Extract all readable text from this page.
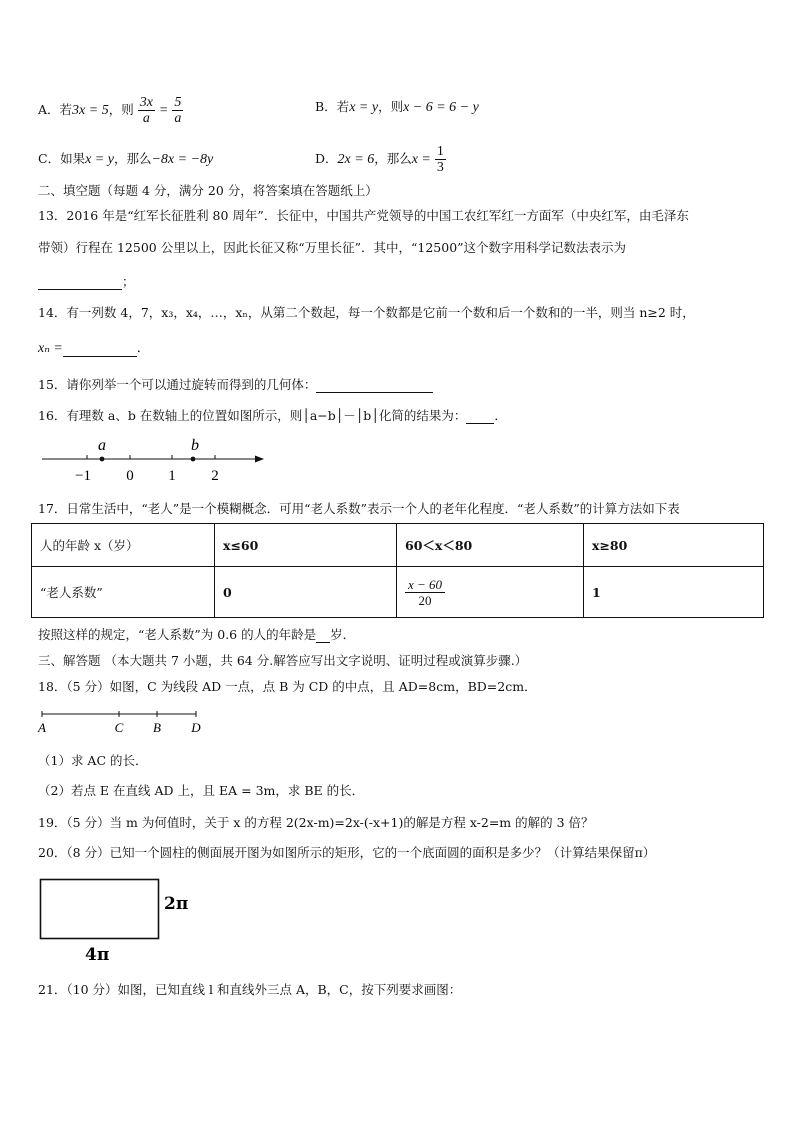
A．若3x = 5，则 $\frac{3x}{a} = \frac{5}{a}$	B．若x = y，则x − 6 = 6 − y
C．如果x = y，那么−8x = −8y	D．2x = 6，那么$x = \frac{1}{3}$
二、填空题（每题 4 分，满分 20 分，将答案填在答题纸上）
13．2016 年是“红军长征胜利 80 周年”．长征中，中国共产党领导的中国工农红军红一方面军（中央红军，由毛泽东
带领）行程在 12500 公里以上，因此长征又称“万里长征”．其中，“12500”这个数字用科学记数法表示为
；
14．有一列数 4，7，x₃，x₄，…，xₙ，从第二个数起，每一个数都是它前一个数和后一个数和的一半，则当 n≥2 时，
xₙ =	．
15．请你列举一个可以通过旋转而得到的几何体：
16．有理数 a、b 在数轴上的位置如图所示，则│a−b│－│b│化简的结果为： ．
a	b
−1 0 1 2
17．日常生活中，“老人”是一个模糊概念．可用“老人系数”表示一个人的老年化程度．“老人系数”的计算方法如下表
人的年龄 x（岁）	x≤60	60＜x＜80	x≥80
“老人系数”	0	$\frac{x - 60}{20}$	1
按照这样的规定，“老人系数”为 0.6 的人的年龄是 岁．
三、解答题 （本大题共 7 小题，共 64 分.解答应写出文字说明、证明过程或演算步骤.）
18．（5 分）如图，C 为线段 AD 一点，点 B 为 CD 的中点，且 AD=8cm，BD=2cm．
A	C B D
（1）求 AC 的长．
（2）若点 E 在直线 AD 上，且 EA = 3m，求 BE 的长．
19．（5 分）当 m 为何值时，关于 x 的方程 2(2x-m)=2x-(-x+1)的解是方程 x-2=m 的解的 3 倍？
20．（8 分）已知一个圆柱的侧面展开图为如图所示的矩形，它的一个底面圆的面积是多少？（计算结果保留π）
2π
4π
21．（10 分）如图，已知直线 l 和直线外三点 A，B，C，按下列要求画图：
